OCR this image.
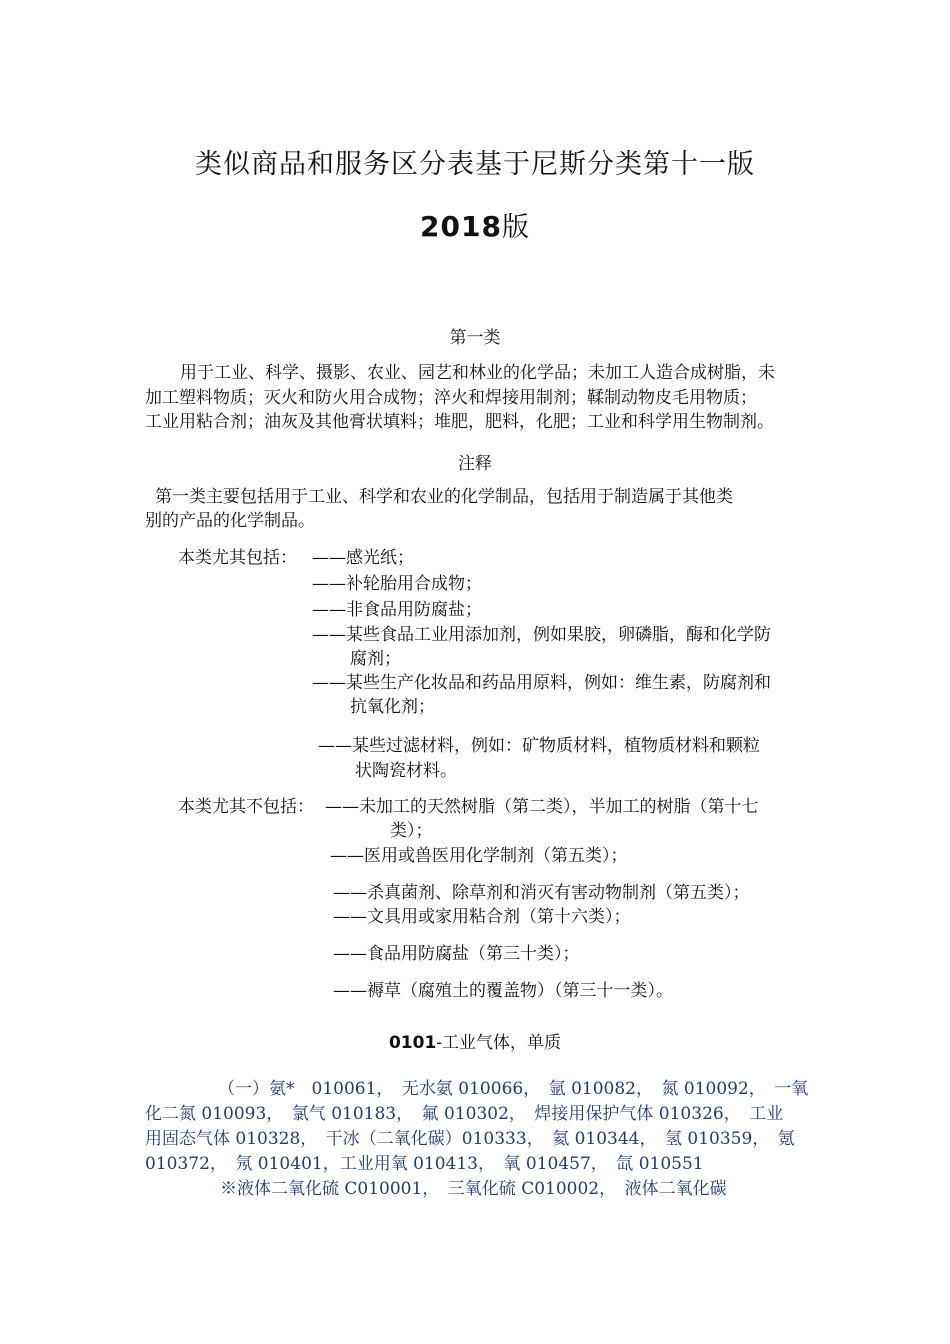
类似商品和服务区分表基于尼斯分类第十一版
2018版
第一类
用于工业、科学、摄影、农业、园艺和林业的化学品；未加工人造合成树脂，未
加工塑料物质；灭火和防火用合成物；淬火和焊接用制剂；鞣制动物皮毛用物质；
工业用粘合剂；油灰及其他膏状填料；堆肥，肥料，化肥；工业和科学用生物制剂。
注释
第一类主要包括用于工业、科学和农业的化学制品，包括用于制造属于其他类
别的产品的化学制品。
本类尤其包括： ——感光纸；
——补轮胎用合成物；
——非食品用防腐盐；
——某些食品工业用添加剂，例如果胶，卵磷脂，酶和化学防
腐剂；
——某些生产化妆品和药品用原料，例如：维生素，防腐剂和
抗氧化剂；
——某些过滤材料，例如：矿物质材料，植物质材料和颗粒
状陶瓷材料。
本类尤其不包括： ——未加工的天然树脂（第二类），半加工的树脂（第十七
类）；
——医用或兽医用化学制剂（第五类）；
——杀真菌剂、除草剂和消灭有害动物制剂（第五类）；
——文具用或家用粘合剂（第十六类）；
——食品用防腐盐（第三十类）；
——褥草（腐殖土的覆盖物）（第三十一类）。
0101-工业气体，单质
（一）氨*　010061，　无水氨 010066，　氩 010082，　氮 010092，　一氧
化二氮 010093，　氯气 010183，　氟 010302，　焊接用保护气体 010326，　工业
用固态气体 010328，　干冰（二氧化碳）010333，　氦 010344，　氢 010359，　氪
010372，　氖 010401，工业用氧 010413，　氧 010457，　氙 010551
※液体二氧化硫 C010001，　三氧化硫 C010002，　液体二氧化碳
